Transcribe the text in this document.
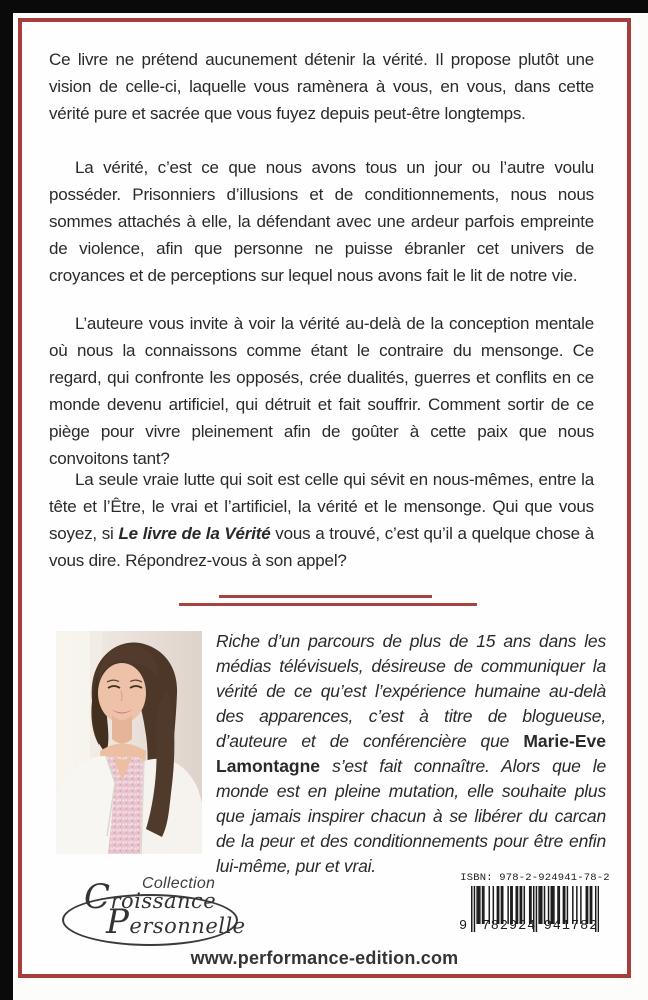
Ce livre ne prétend aucunement détenir la vérité. Il propose plutôt une vision de celle-ci, laquelle vous ramènera à vous, en vous, dans cette vérité pure et sacrée que vous fuyez depuis peut-être longtemps.

La vérité, c’est ce que nous avons tous un jour ou l’autre voulu posséder. Prisonniers d’illusions et de conditionnements, nous nous sommes attachés à elle, la défendant avec une ardeur parfois empreinte de violence, afin que personne ne puisse ébranler cet univers de croyances et de perceptions sur lequel nous avons fait le lit de notre vie.

L’auteure vous invite à voir la vérité au-delà de la conception mentale où nous la connaissons comme étant le contraire du mensonge. Ce regard, qui confronte les opposés, crée dualités, guerres et conflits en ce monde devenu artificiel, qui détruit et fait souffrir. Comment sortir de ce piège pour vivre pleinement afin de goûter à cette paix que nous convoitons tant?

La seule vraie lutte qui soit est celle qui sévit en nous-mêmes, entre la tête et l’Être, le vrai et l’artificiel, la vérité et le mensonge. Qui que vous soyez, si Le livre de la Vérité vous a trouvé, c’est qu’il a quelque chose à vous dire. Répondrez-vous à son appel?

Riche d’un parcours de plus de 15 ans dans les médias télévisuels, désireuse de communiquer la vérité de ce qu’est l’expérience humaine au-delà des apparences, c’est à titre de blogueuse, d’auteure et de conférencière que Marie-Eve Lamontagne s’est fait connaître. Alors que le monde est en pleine mutation, elle souhaite plus que jamais inspirer chacun à se libérer du carcan de la peur et des conditionnements pour être enfin lui-même, pur et vrai.

Collection
Croissance
Personnelle
ISBN: 978-2-924941-78-2
9 782924 941782
www.performance-edition.com
